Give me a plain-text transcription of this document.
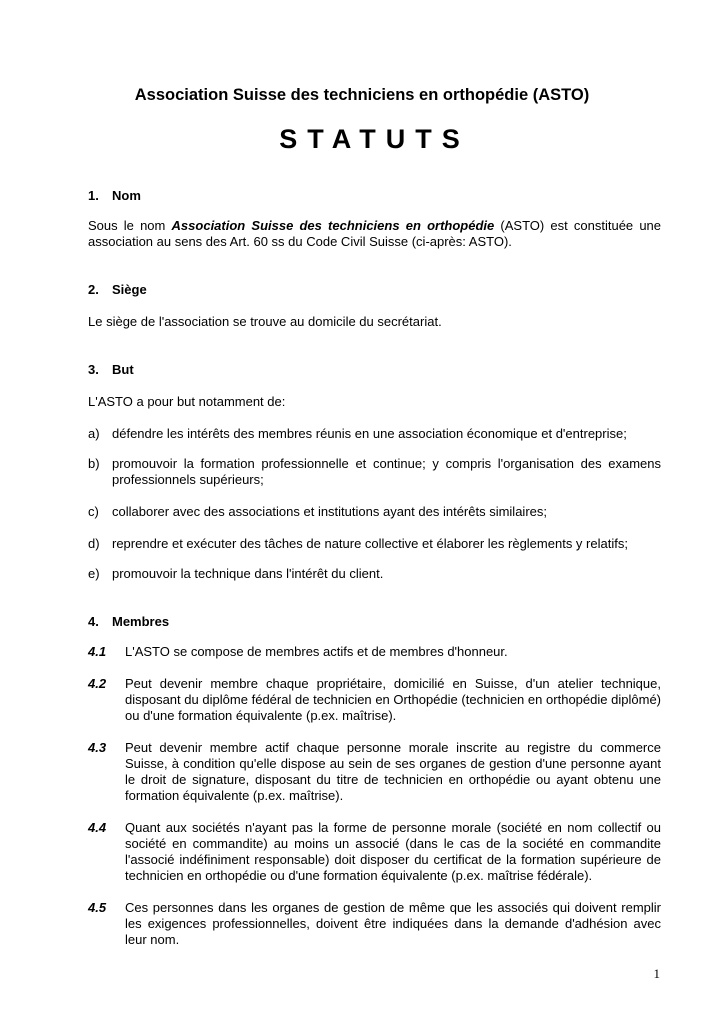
Association Suisse des techniciens en orthopédie (ASTO)
STATUTS
1.	Nom

Sous le nom Association Suisse des techniciens en orthopédie (ASTO) est constituée une association au sens des Art. 60 ss du Code Civil Suisse (ci-après: ASTO).

2.	Siège

Le siège de l'association se trouve au domicile du secrétariat.

3.	But

L'ASTO a pour but notamment de:

a) défendre les intérêts des membres réunis en une association économique et d'entreprise;
b) promouvoir la formation professionnelle et continue; y compris l'organisation des examens professionnels supérieurs;
c)	collaborer avec des associations et institutions ayant des intérêts similaires;
d) reprendre et exécuter des tâches de nature collective et élaborer les règlements y relatifs;
e) promouvoir la technique dans l'intérêt du client.
4.	Membres
4.1	L'ASTO se compose de membres actifs et de membres d'honneur.
4.2	Peut devenir membre chaque propriétaire, domicilié en Suisse, d'un atelier technique, disposant du diplôme fédéral de technicien en Orthopédie (technicien en orthopédie diplômé) ou d'une formation équivalente (p.ex. maîtrise).
4.3	Peut devenir membre actif chaque personne morale inscrite au registre du commerce Suisse, à condition qu'elle dispose au sein de ses organes de gestion d'une personne ayant le droit de signature, disposant du titre de technicien en orthopédie ou ayant obtenu une formation équivalente (p.ex. maîtrise).
4.4	Quant aux sociétés n'ayant pas la forme de personne morale (société en nom collectif ou société en commandite) au moins un associé (dans le cas de la société en commandite l'associé indéfiniment responsable) doit disposer du certificat de la formation supérieure de technicien en orthopédie ou d'une formation équivalente (p.ex. maîtrise fédérale).
4.5	Ces personnes dans les organes de gestion de même que les associés qui doivent remplir les exigences professionnelles, doivent être indiquées dans la demande d'adhésion avec leur nom.
1
